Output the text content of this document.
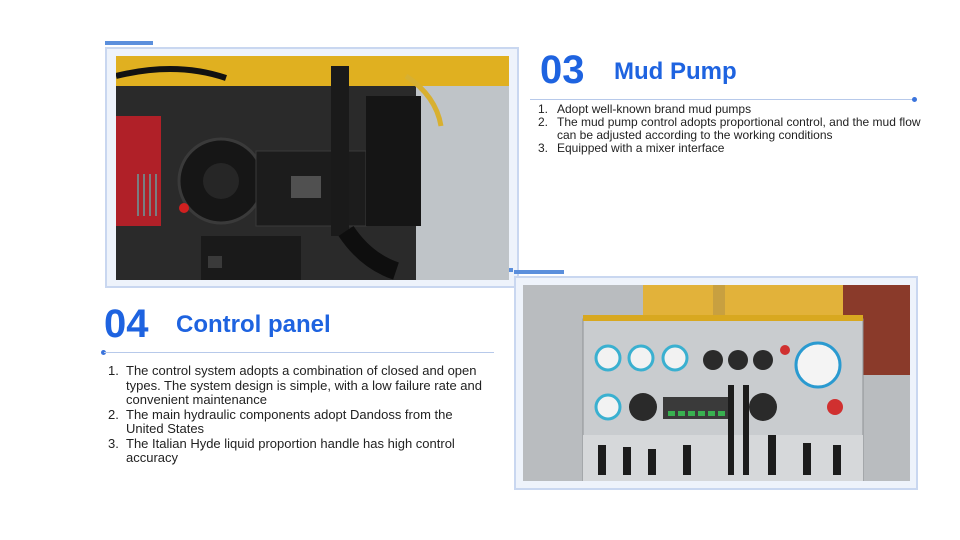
03 Mud Pump
1. Adopt well-known brand mud pumps
2. The mud pump control adopts proportional control, and the mud flow can be adjusted according to the working conditions
3. Equipped with a mixer interface
04 Control panel
1. The control system adopts a combination of closed and open types. The system design is simple, with a low failure rate and convenient maintenance
2. The main hydraulic components adopt Dandoss from the United States
3. The Italian Hyde liquid proportion handle has high control accuracy
